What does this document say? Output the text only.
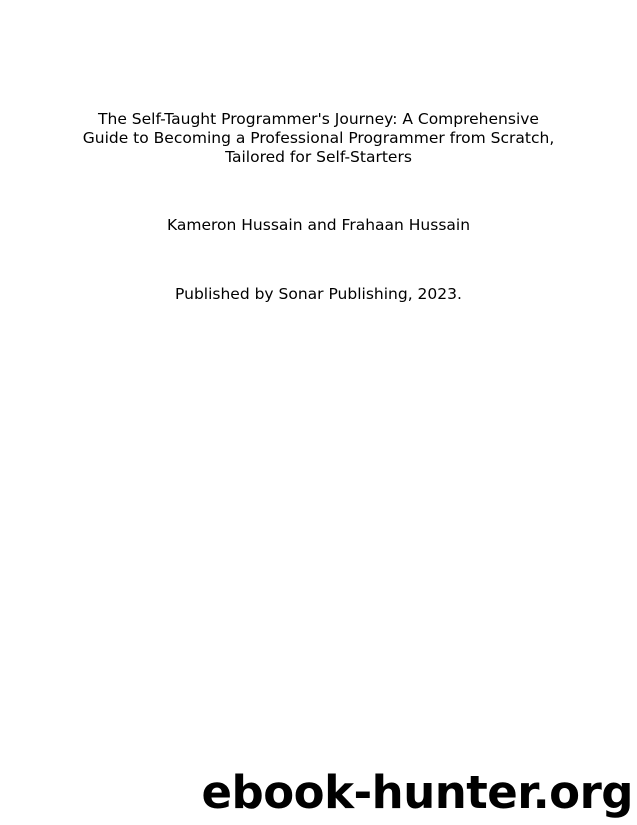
The Self-Taught Programmer's Journey: A Comprehensive
Guide to Becoming a Professional Programmer from Scratch,
Tailored for Self-Starters
Kameron Hussain and Frahaan Hussain
Published by Sonar Publishing, 2023.
ebook-hunter.org
